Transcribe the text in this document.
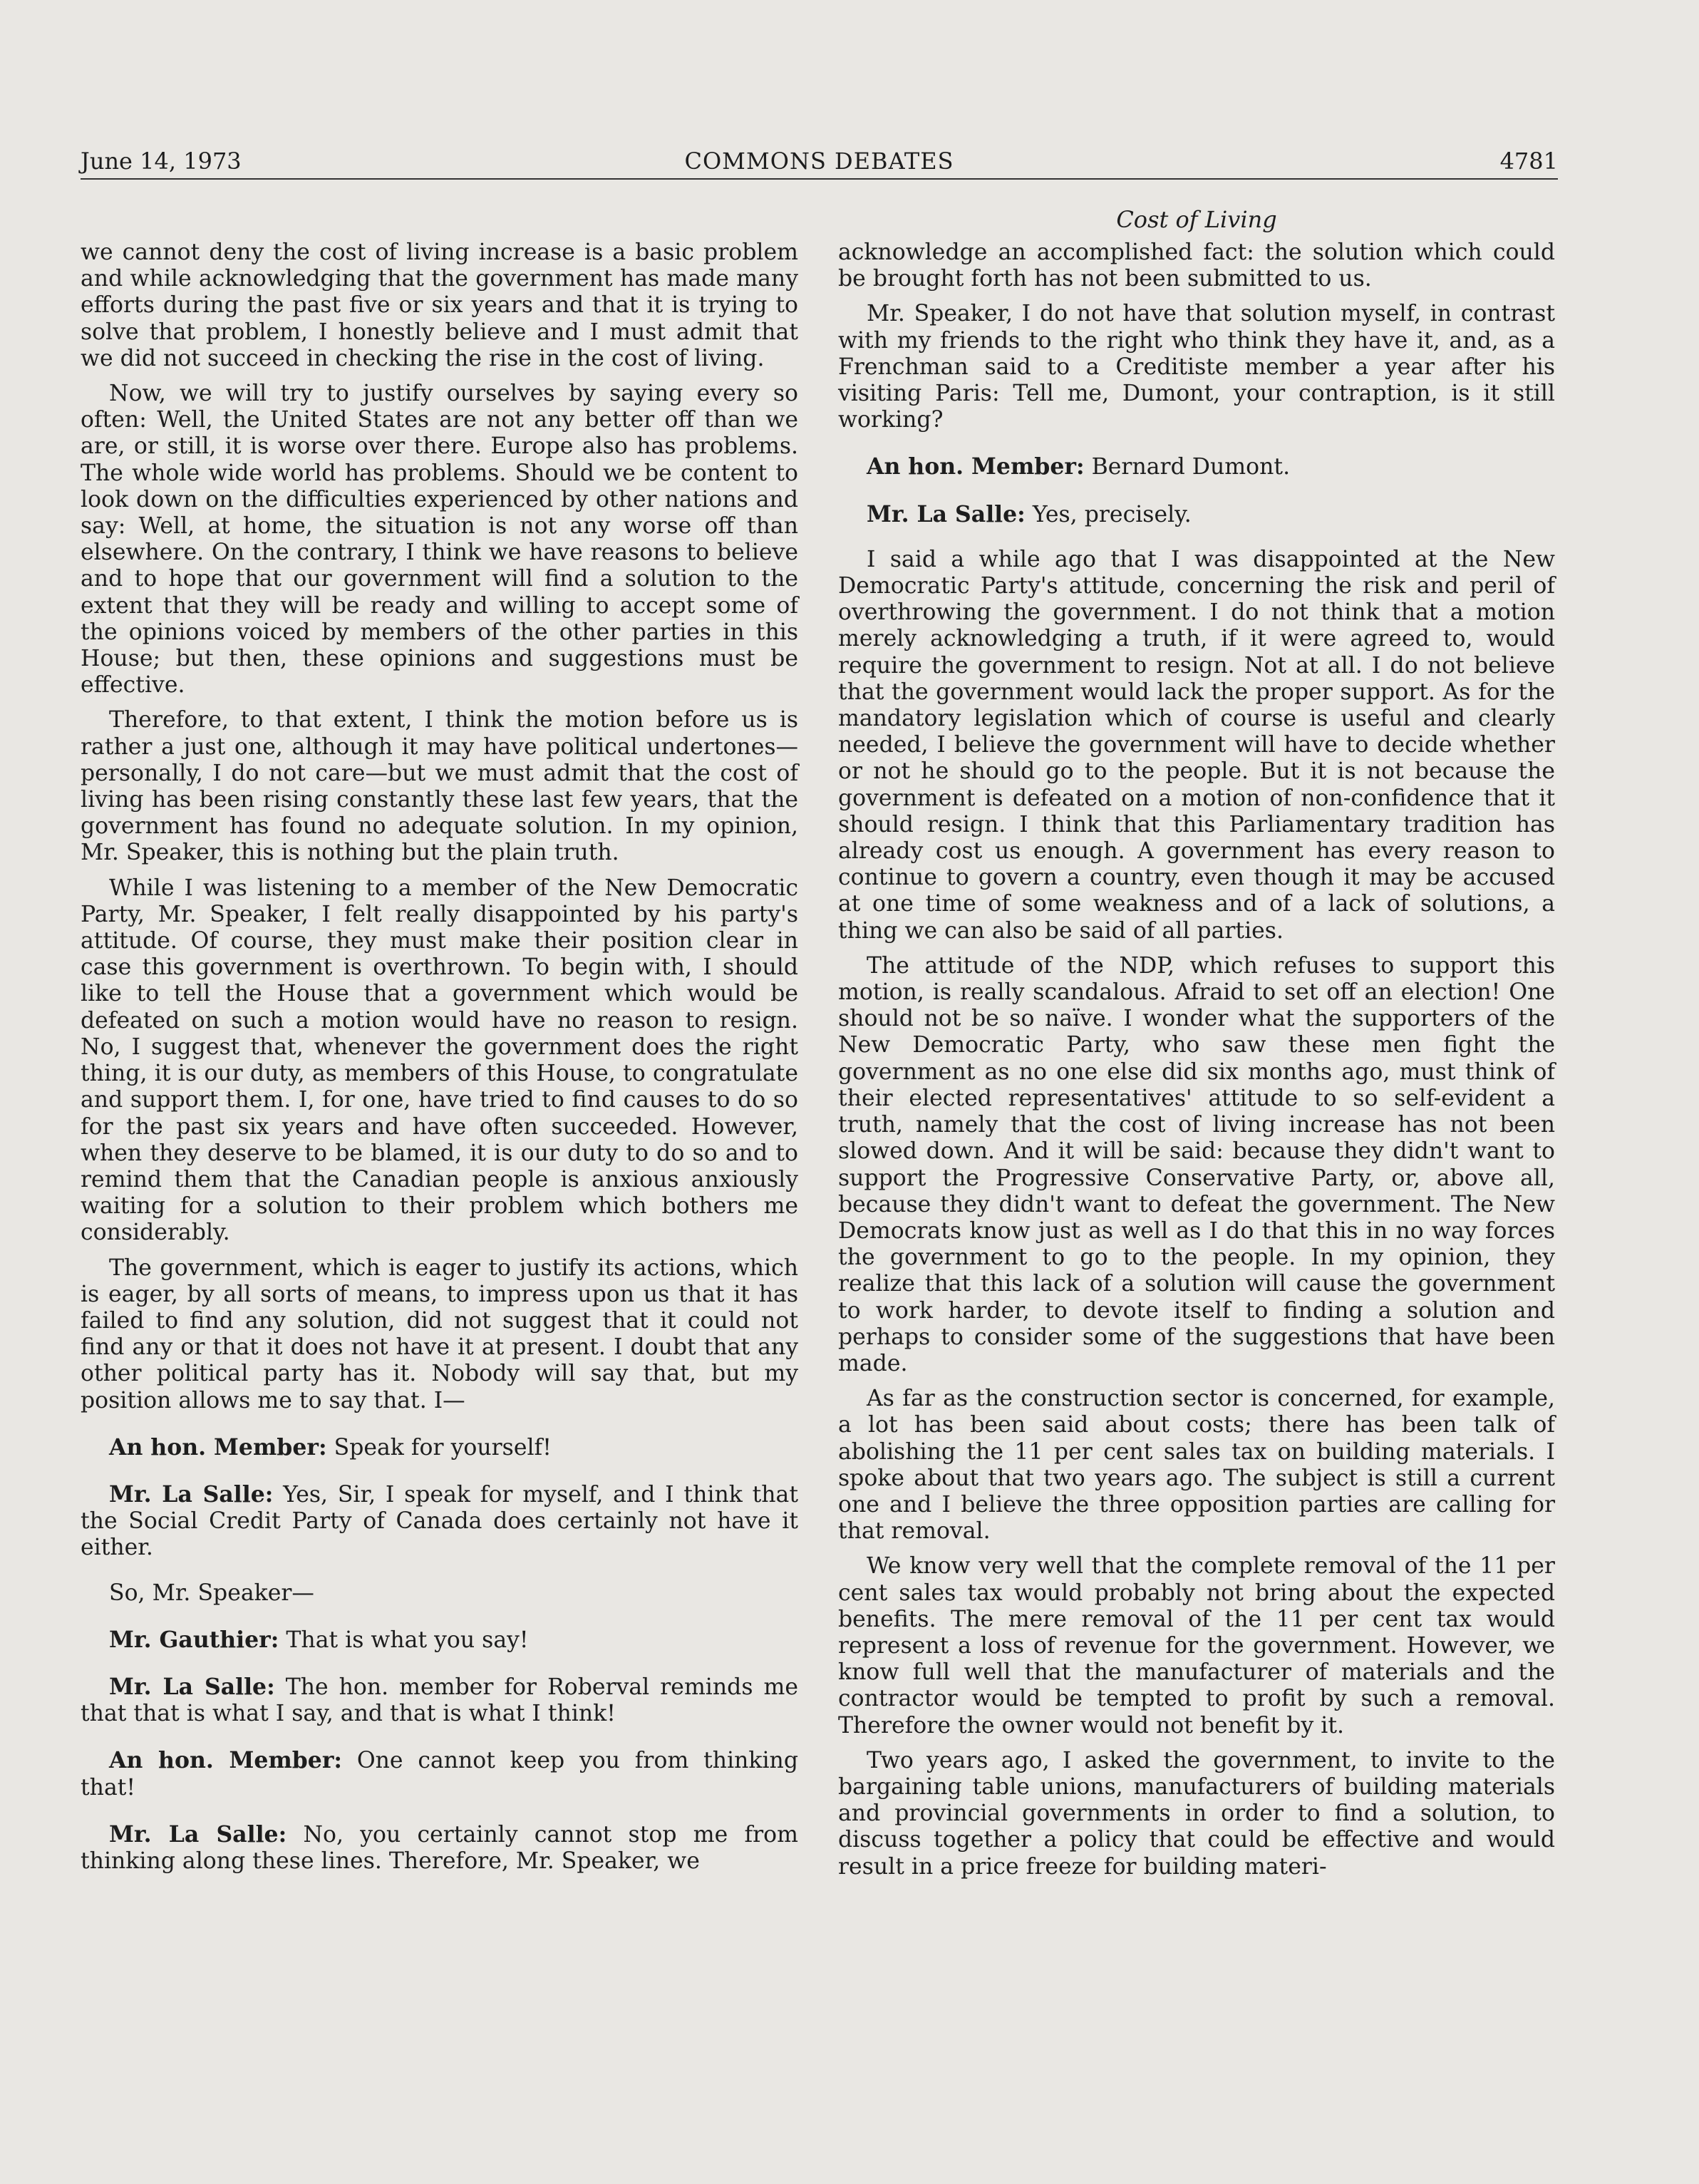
June 14, 1973	COMMONS DEBATES	4781
Cost of Living

we cannot deny the cost of living increase is a basic problem and while acknowledging that the government has made many efforts during the past five or six years and that it is trying to solve that problem, I honestly believe and I must admit that we did not succeed in checking the rise in the cost of living.

Now, we will try to justify ourselves by saying every so often: Well, the United States are not any better off than we are, or still, it is worse over there. Europe also has problems. The whole wide world has problems. Should we be content to look down on the difficulties experienced by other nations and say: Well, at home, the situation is not any worse off than elsewhere. On the contrary, I think we have reasons to believe and to hope that our government will find a solution to the extent that they will be ready and willing to accept some of the opinions voiced by members of the other parties in this House; but then, these opinions and suggestions must be effective.

Therefore, to that extent, I think the motion before us is rather a just one, although it may have political undertones—personally, I do not care—but we must admit that the cost of living has been rising constantly these last few years, that the government has found no adequate solution. In my opinion, Mr. Speaker, this is nothing but the plain truth.

While I was listening to a member of the New Democratic Party, Mr. Speaker, I felt really disappointed by his party's attitude. Of course, they must make their position clear in case this government is overthrown. To begin with, I should like to tell the House that a government which would be defeated on such a motion would have no reason to resign. No, I suggest that, whenever the government does the right thing, it is our duty, as members of this House, to congratulate and support them. I, for one, have tried to find causes to do so for the past six years and have often succeeded. However, when they deserve to be blamed, it is our duty to do so and to remind them that the Canadian people is anxious anxiously waiting for a solution to their problem which bothers me considerably.

The government, which is eager to justify its actions, which is eager, by all sorts of means, to impress upon us that it has failed to find any solution, did not suggest that it could not find any or that it does not have it at present. I doubt that any other political party has it. Nobody will say that, but my position allows me to say that. I—

An hon. Member: Speak for yourself!

Mr. La Salle: Yes, Sir, I speak for myself, and I think that the Social Credit Party of Canada does certainly not have it either.

So, Mr. Speaker—

Mr. Gauthier: That is what you say!

Mr. La Salle: The hon. member for Roberval reminds me that that is what I say, and that is what I think!

An hon. Member: One cannot keep you from thinking that!

Mr. La Salle: No, you certainly cannot stop me from thinking along these lines. Therefore, Mr. Speaker, we

acknowledge an accomplished fact: the solution which could be brought forth has not been submitted to us.

Mr. Speaker, I do not have that solution myself, in contrast with my friends to the right who think they have it, and, as a Frenchman said to a Creditiste member a year after his visiting Paris: Tell me, Dumont, your contraption, is it still working?

An hon. Member: Bernard Dumont.

Mr. La Salle: Yes, precisely.

I said a while ago that I was disappointed at the New Democratic Party's attitude, concerning the risk and peril of overthrowing the government. I do not think that a motion merely acknowledging a truth, if it were agreed to, would require the government to resign. Not at all. I do not believe that the government would lack the proper support. As for the mandatory legislation which of course is useful and clearly needed, I believe the government will have to decide whether or not he should go to the people. But it is not because the government is defeated on a motion of non-confidence that it should resign. I think that this Parliamentary tradition has already cost us enough. A government has every reason to continue to govern a country, even though it may be accused at one time of some weakness and of a lack of solutions, a thing we can also be said of all parties.

The attitude of the NDP, which refuses to support this motion, is really scandalous. Afraid to set off an election! One should not be so naïve. I wonder what the supporters of the New Democratic Party, who saw these men fight the government as no one else did six months ago, must think of their elected representatives' attitude to so self-evident a truth, namely that the cost of living increase has not been slowed down. And it will be said: because they didn't want to support the Progressive Conservative Party, or, above all, because they didn't want to defeat the government. The New Democrats know just as well as I do that this in no way forces the government to go to the people. In my opinion, they realize that this lack of a solution will cause the government to work harder, to devote itself to finding a solution and perhaps to consider some of the suggestions that have been made.

As far as the construction sector is concerned, for example, a lot has been said about costs; there has been talk of abolishing the 11 per cent sales tax on building materials. I spoke about that two years ago. The subject is still a current one and I believe the three opposition parties are calling for that removal.

We know very well that the complete removal of the 11 per cent sales tax would probably not bring about the expected benefits. The mere removal of the 11 per cent tax would represent a loss of revenue for the government. However, we know full well that the manufacturer of materials and the contractor would be tempted to profit by such a removal. Therefore the owner would not benefit by it.

Two years ago, I asked the government, to invite to the bargaining table unions, manufacturers of building materials and provincial governments in order to find a solution, to discuss together a policy that could be effective and would result in a price freeze for building materi-
